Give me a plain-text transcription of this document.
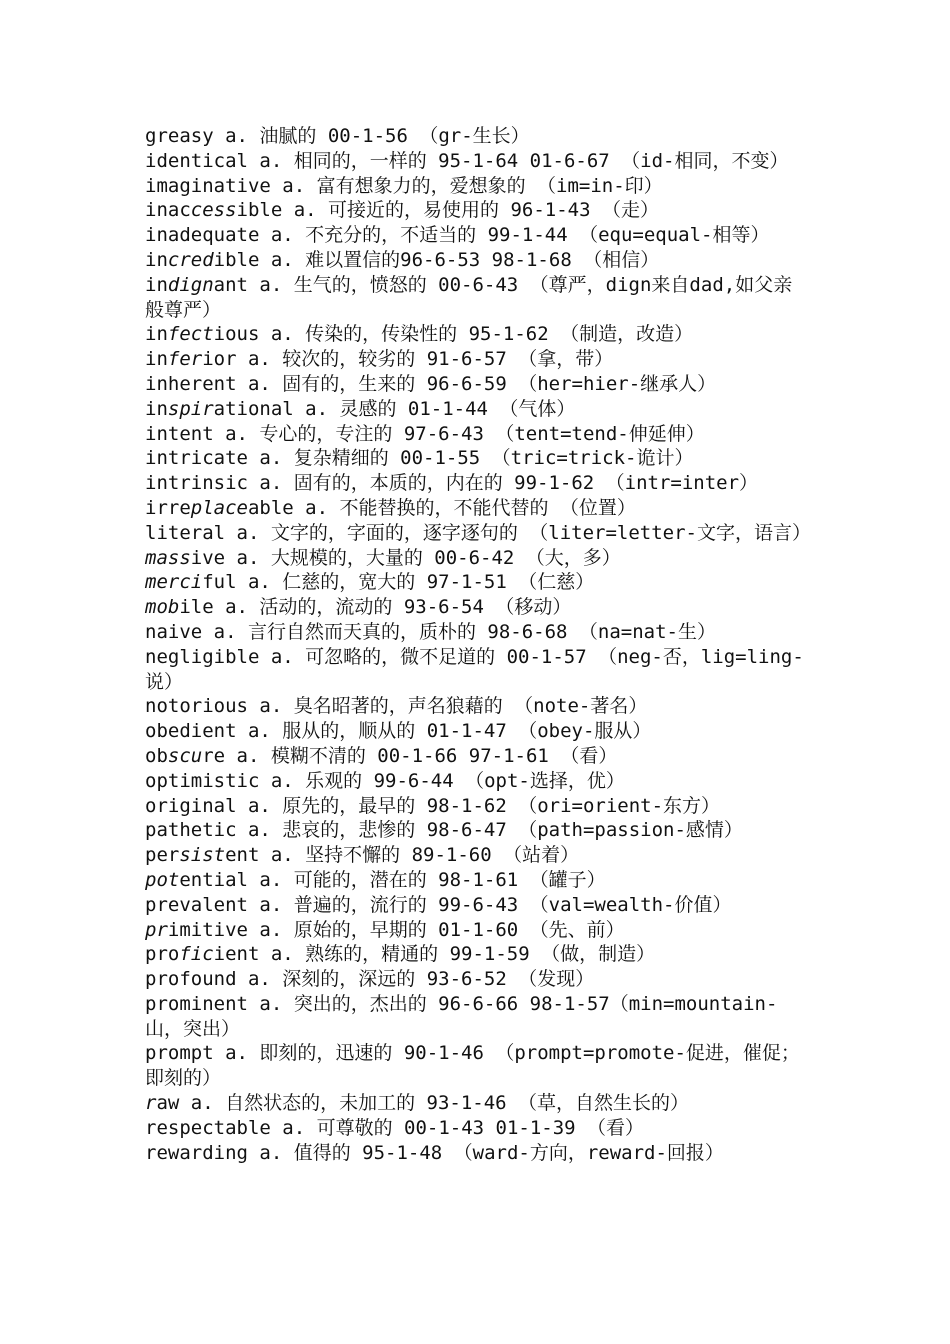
greasy a. 油腻的 00-1-56 （gr-生长）

identical a. 相同的，一样的 95-1-64 01-6-67 （id-相同，不变）

imaginative a. 富有想象力的，爱想象的 （im=in-印）

inaccessible a. 可接近的，易使用的 96-1-43 （走）

inadequate a. 不充分的，不适当的 99-1-44 （equ=equal-相等）

incredible a. 难以置信的96-6-53 98-1-68 （相信）

indignant a. 生气的，愤怒的 00-6-43 （尊严，dign来自dad,如父亲般尊严）

infectious a. 传染的，传染性的 95-1-62 （制造，改造）

inferior a. 较次的，较劣的 91-6-57 （拿，带）

inherent a. 固有的，生来的 96-6-59 （her=hier-继承人）

inspirational a. 灵感的 01-1-44 （气体）

intent a. 专心的，专注的 97-6-43 （tent=tend-伸延伸）

intricate a. 复杂精细的 00-1-55 （tric=trick-诡计）

intrinsic a. 固有的，本质的，内在的 99-1-62 （intr=inter）

irreplaceable a. 不能替换的，不能代替的 （位置）

literal a. 文字的，字面的，逐字逐句的 （liter=letter-文字，语言）

massive a. 大规模的，大量的 00-6-42 （大，多）

merciful a. 仁慈的，宽大的 97-1-51 （仁慈）

mobile a. 活动的，流动的 93-6-54 （移动）

naive a. 言行自然而天真的，质朴的 98-6-68 （na=nat-生）

negligible a. 可忽略的，微不足道的 00-1-57 （neg-否，lig=ling-说）

notorious a. 臭名昭著的，声名狼藉的 （note-著名）

obedient a. 服从的，顺从的 01-1-47 （obey-服从）

obscure a. 模糊不清的 00-1-66 97-1-61 （看）

optimistic a. 乐观的 99-6-44 （opt-选择，优）

original a. 原先的，最早的 98-1-62 （ori=orient-东方）

pathetic a. 悲哀的，悲惨的 98-6-47 （path=passion-感情）

persistent a. 坚持不懈的 89-1-60 （站着）

potential a. 可能的，潜在的 98-1-61 （罐子）

prevalent a. 普遍的，流行的 99-6-43 （val=wealth-价值）

primitive a. 原始的，早期的 01-1-60 （先、前）

proficient a. 熟练的，精通的 99-1-59 （做，制造）

profound a. 深刻的，深远的 93-6-52 （发现）

prominent a. 突出的，杰出的 96-6-66 98-1-57（min=mountain-山，突出）

prompt a. 即刻的，迅速的 90-1-46 （prompt=promote-促进，催促；即刻的）

raw a. 自然状态的，未加工的 93-1-46 （草，自然生长的）

respectable a. 可尊敬的 00-1-43 01-1-39 （看）

rewarding a. 值得的 95-1-48 （ward-方向，reward-回报）
